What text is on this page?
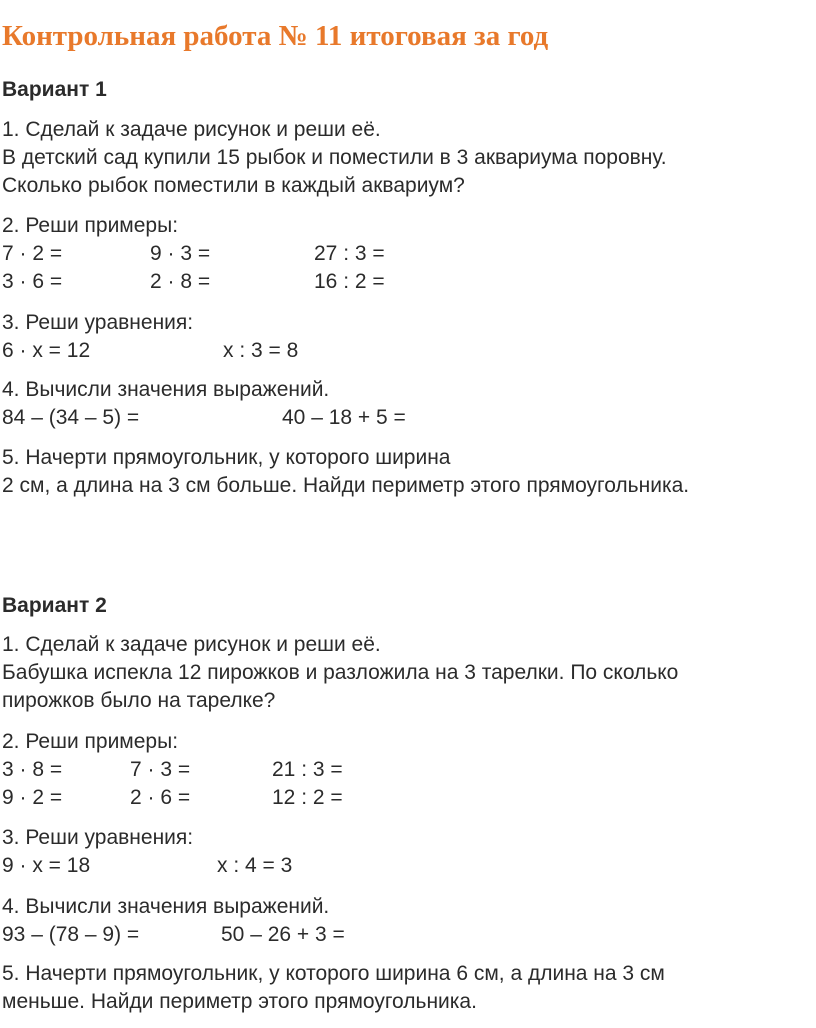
Контрольная работа № 11 итоговая за год
Вариант 1
1. Сделай к задаче рисунок и реши её.
В детский сад купили 15 рыбок и поместили в 3 аквариума поровну.
Сколько рыбок поместили в каждый аквариум?
2. Реши примеры:
7 · 2 =	9 · 3 =	27 : 3 =
3 · 6 =	2 · 8 =	16 : 2 =
3. Реши уравнения:
6 · x = 12	x : 3 = 8
4. Вычисли значения выражений.
84 – (34 – 5) =	40 – 18 + 5 =
5. Начерти прямоугольник, у которого ширина
2 см, а длина на 3 см больше. Найди периметр этого прямоугольника.
Вариант 2
1. Сделай к задаче рисунок и реши её.
Бабушка испекла 12 пирожков и разложила на 3 тарелки. По сколько
пирожков было на тарелке?
2. Реши примеры:
3 · 8 =	7 · 3 =	21 : 3 =
9 · 2 =	2 · 6 =	12 : 2 =
3. Реши уравнения:
9 · x = 18	x : 4 = 3
4. Вычисли значения выражений.
93 – (78 – 9) =	50 – 26 + 3 =
5. Начерти прямоугольник, у которого ширина 6 см, а длина на 3 см
меньше. Найди периметр этого прямоугольника.
